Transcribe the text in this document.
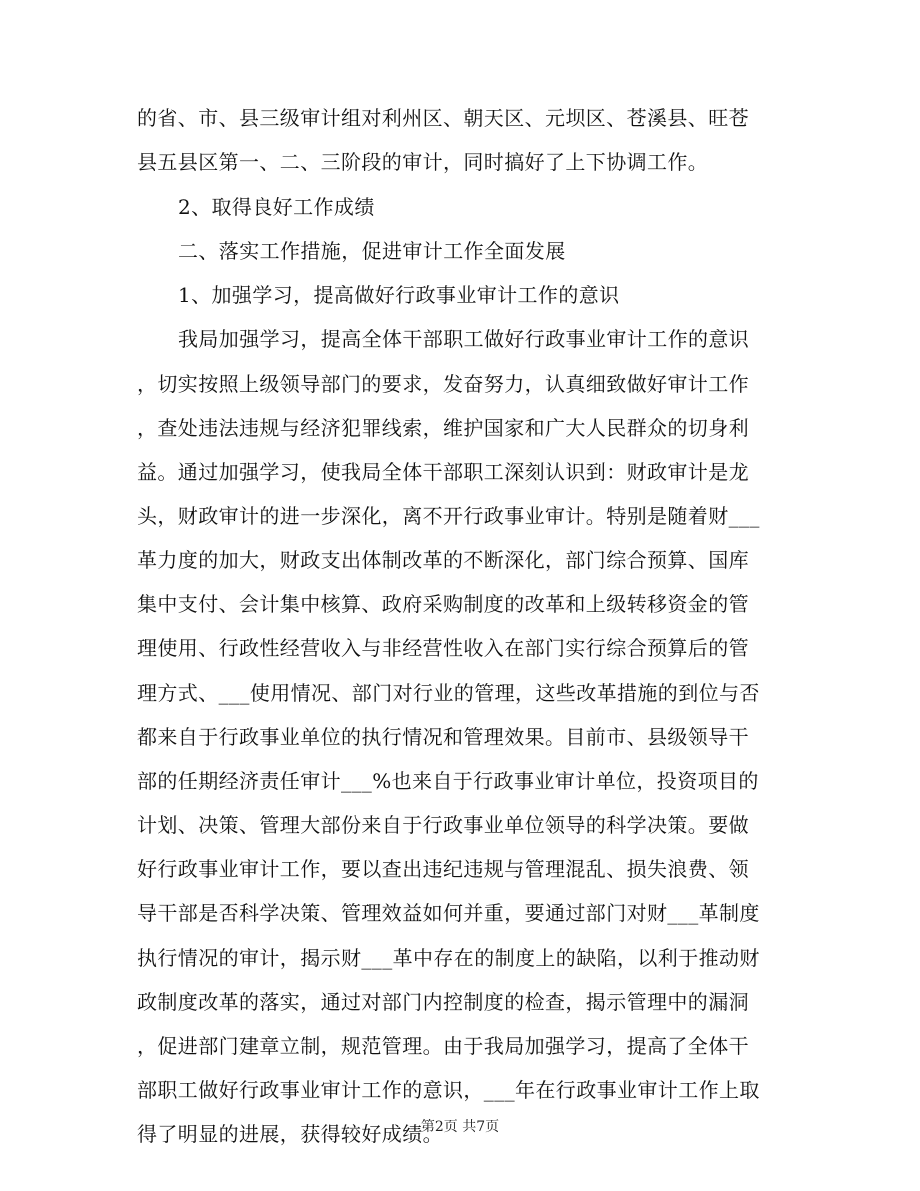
的省、市、县三级审计组对利州区、朝天区、元坝区、苍溪县、旺苍
县五县区第一、二、三阶段的审计，同时搞好了上下协调工作。
2、取得良好工作成绩
二、落实工作措施，促进审计工作全面发展
1、加强学习，提高做好行政事业审计工作的意识
我局加强学习，提高全体干部职工做好行政事业审计工作的意识
，切实按照上级领导部门的要求，发奋努力，认真细致做好审计工作
，查处违法违规与经济犯罪线索，维护国家和广大人民群众的切身利
益。通过加强学习，使我局全体干部职工深刻认识到：财政审计是龙
头，财政审计的进一步深化，离不开行政事业审计。特别是随着财___
革力度的加大，财政支出体制改革的不断深化，部门综合预算、国库
集中支付、会计集中核算、政府采购制度的改革和上级转移资金的管
理使用、行政性经营收入与非经营性收入在部门实行综合预算后的管
理方式、___使用情况、部门对行业的管理，这些改革措施的到位与否
都来自于行政事业单位的执行情况和管理效果。目前市、县级领导干
部的任期经济责任审计___%也来自于行政事业审计单位，投资项目的
计划、决策、管理大部份来自于行政事业单位领导的科学决策。要做
好行政事业审计工作，要以查出违纪违规与管理混乱、损失浪费、领
导干部是否科学决策、管理效益如何并重，要通过部门对财___革制度
执行情况的审计，揭示财___革中存在的制度上的缺陷，以利于推动财
政制度改革的落实，通过对部门内控制度的检查，揭示管理中的漏洞
，促进部门建章立制，规范管理。由于我局加强学习，提高了全体干
部职工做好行政事业审计工作的意识，___年在行政事业审计工作上取
得了明显的进展，获得较好成绩。
第2页 共7页
